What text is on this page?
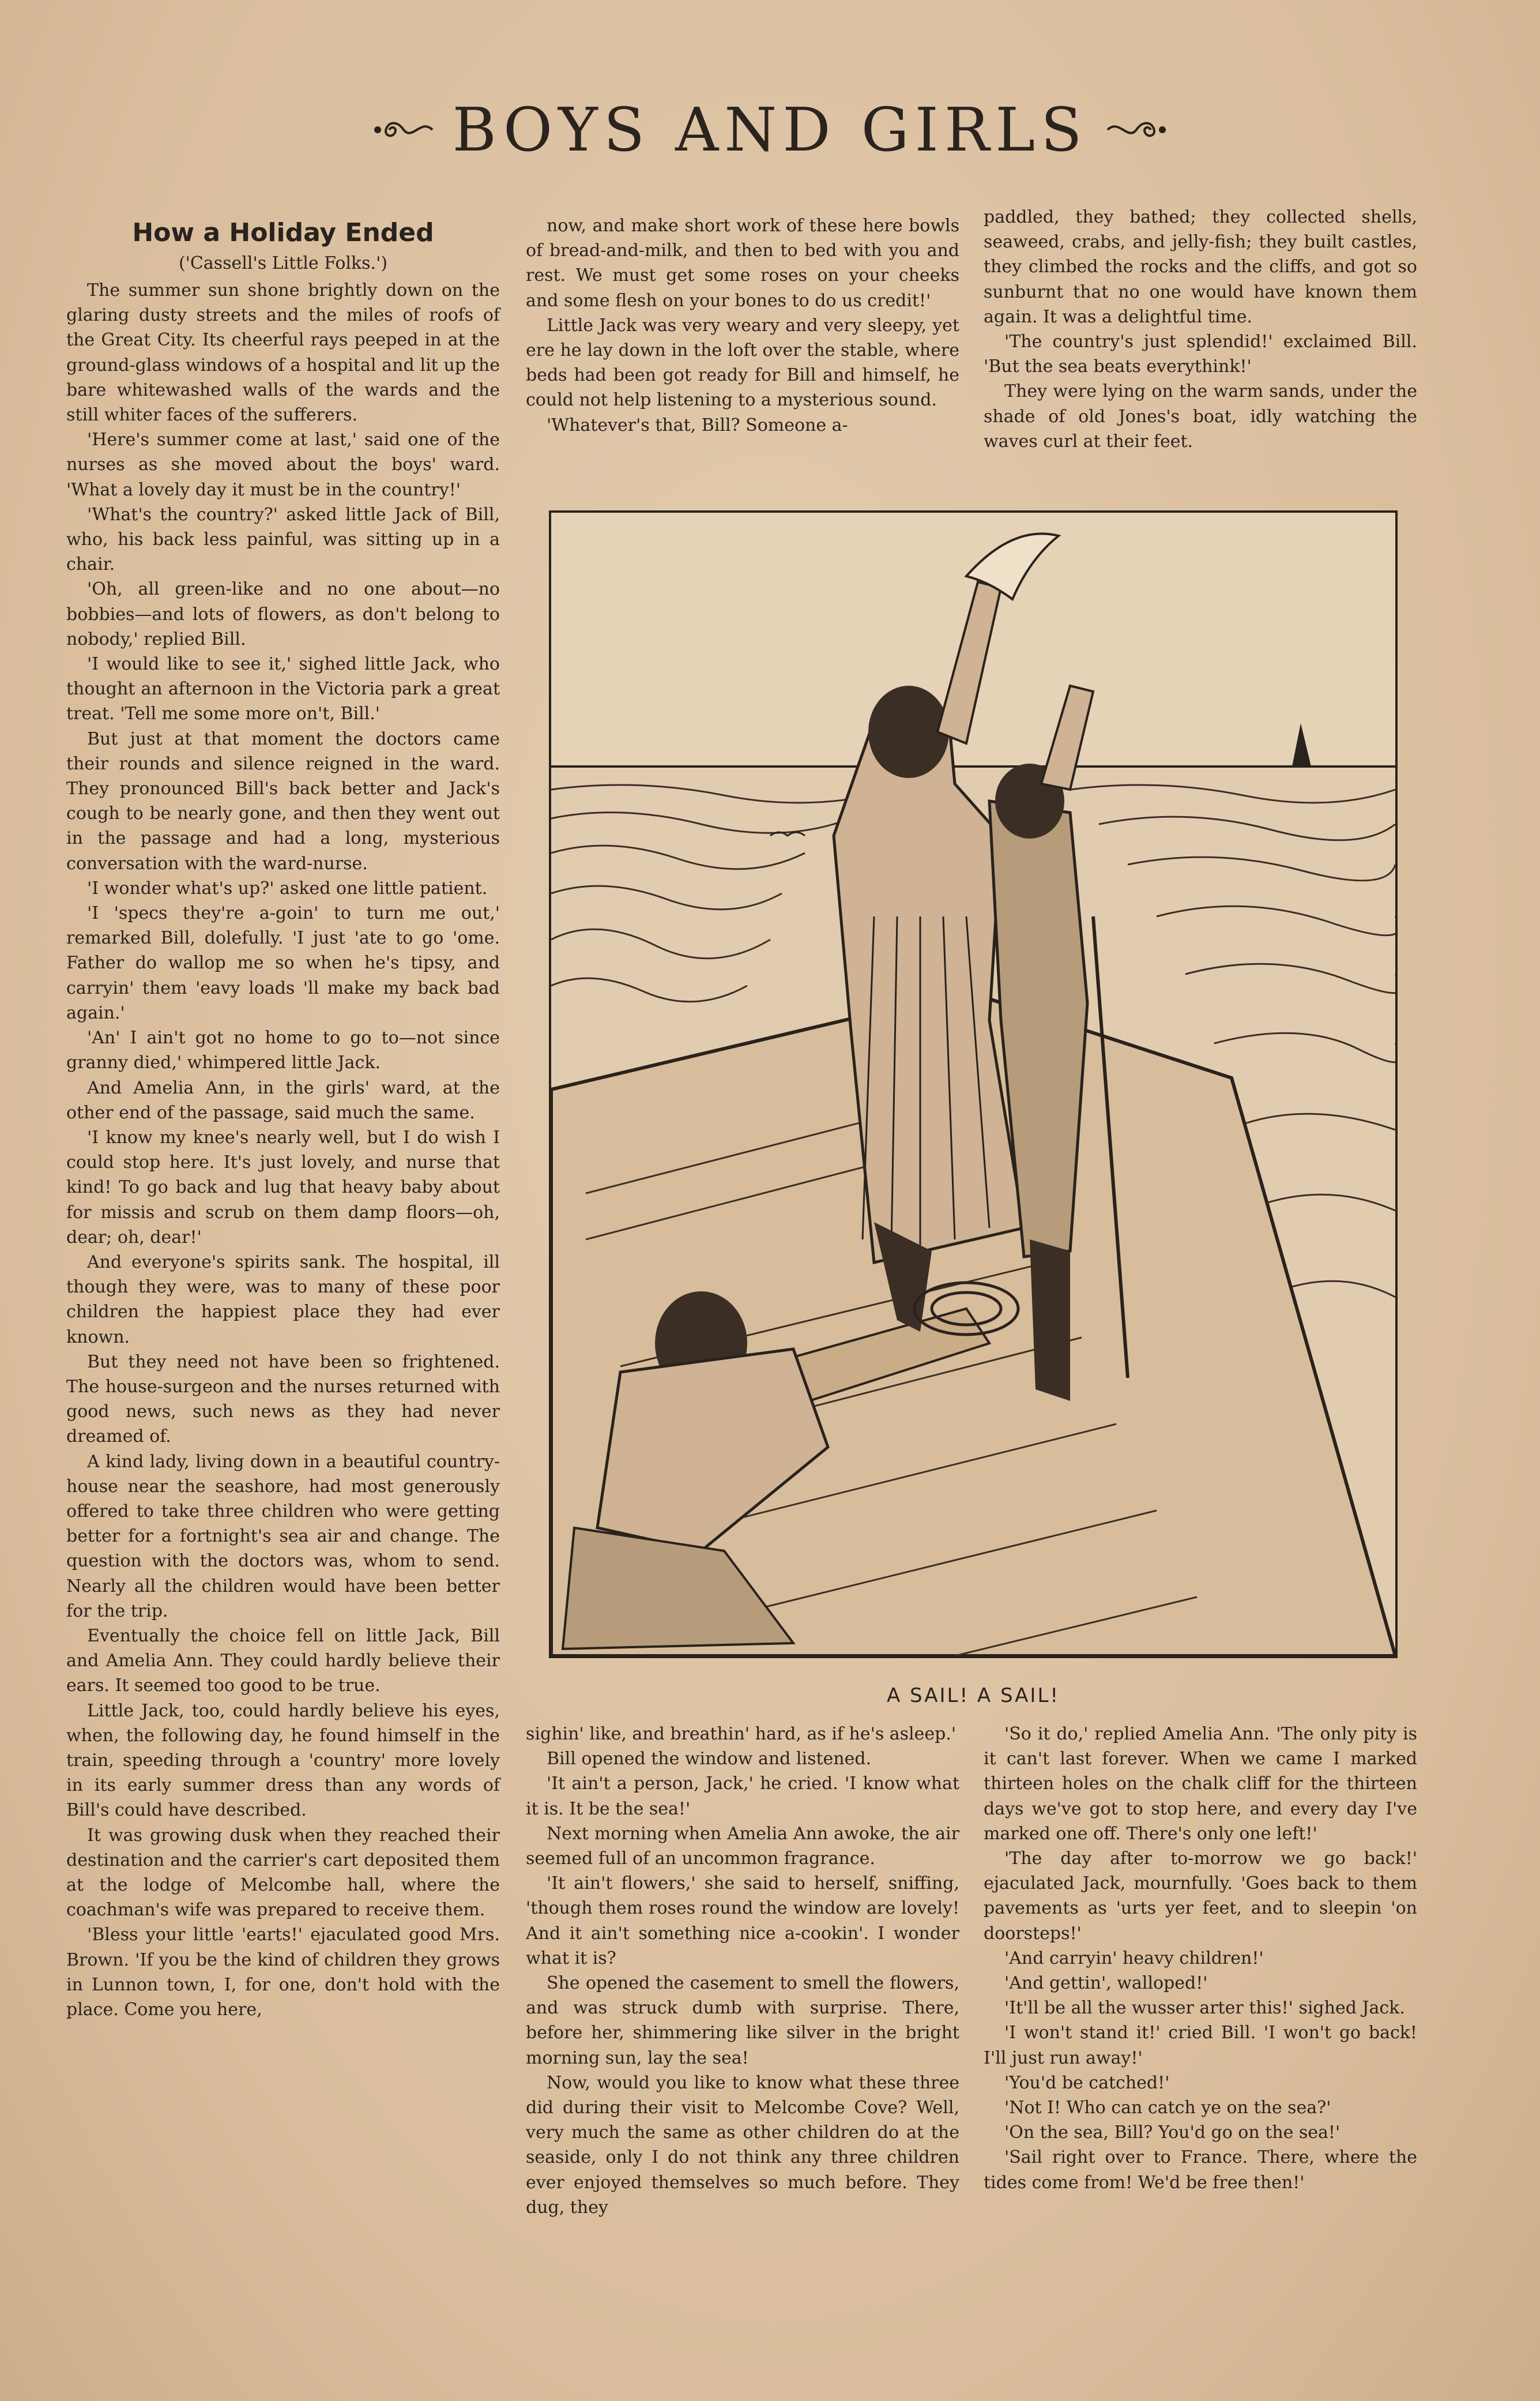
BOYS AND GIRLS
How a Holiday Ended
('Cassell's Little Folks.')

The summer sun shone brightly down on the glaring dusty streets and the miles of roofs of the Great City. Its cheerful rays peeped in at the ground-glass windows of a hospital and lit up the bare whitewashed walls of the wards and the still whiter faces of the sufferers.

'Here's summer come at last,' said one of the nurses as she moved about the boys' ward. 'What a lovely day it must be in the country!'

'What's the country?' asked little Jack of Bill, who, his back less painful, was sitting up in a chair.

'Oh, all green-like and no one about—no bobbies—and lots of flowers, as don't belong to nobody,' replied Bill.

'I would like to see it,' sighed little Jack, who thought an afternoon in the Victoria park a great treat. 'Tell me some more on't, Bill.'

But just at that moment the doctors came their rounds and silence reigned in the ward. They pronounced Bill's back better and Jack's cough to be nearly gone, and then they went out in the passage and had a long, mysterious conversation with the ward-nurse.

'I wonder what's up?' asked one little patient.

'I 'specs they're a-goin' to turn me out,' remarked Bill, dolefully. 'I just 'ate to go 'ome. Father do wallop me so when he's tipsy, and carryin' them 'eavy loads 'll make my back bad again.'

'An' I ain't got no home to go to—not since granny died,' whimpered little Jack.

And Amelia Ann, in the girls' ward, at the other end of the passage, said much the same.

'I know my knee's nearly well, but I do wish I could stop here. It's just lovely, and nurse that kind! To go back and lug that heavy baby about for missis and scrub on them damp floors—oh, dear; oh, dear!'

And everyone's spirits sank. The hospital, ill though they were, was to many of these poor children the happiest place they had ever known.

But they need not have been so frightened. The house-surgeon and the nurses returned with good news, such news as they had never dreamed of.

A kind lady, living down in a beautiful country-house near the seashore, had most generously offered to take three children who were getting better for a fortnight's sea air and change. The question with the doctors was, whom to send. Nearly all the children would have been better for the trip.

Eventually the choice fell on little Jack, Bill and Amelia Ann. They could hardly believe their ears. It seemed too good to be true.

Little Jack, too, could hardly believe his eyes, when, the following day, he found himself in the train, speeding through a 'country' more lovely in its early summer dress than any words of Bill's could have described.

It was growing dusk when they reached their destination and the carrier's cart deposited them at the lodge of Melcombe hall, where the coachman's wife was prepared to receive them.

'Bless your little 'earts!' ejaculated good Mrs. Brown. 'If you be the kind of children they grows in Lunnon town, I, for one, don't hold with the place. Come you here,

now, and make short work of these here bowls of bread-and-milk, and then to bed with you and rest. We must get some roses on your cheeks and some flesh on your bones to do us credit!'

Little Jack was very weary and very sleepy, yet ere he lay down in the loft over the stable, where beds had been got ready for Bill and himself, he could not help listening to a mysterious sound.

'Whatever's that, Bill? Someone a-

paddled, they bathed; they collected shells, seaweed, crabs, and jelly-fish; they built castles, they climbed the rocks and the cliffs, and got so sunburnt that no one would have known them again. It was a delightful time.

'The country's just splendid!' exclaimed Bill. 'But the sea beats everythink!'

They were lying on the warm sands, under the shade of old Jones's boat, idly watching the waves curl at their feet.

A SAIL! A SAIL!

sighin' like, and breathin' hard, as if he's asleep.'

Bill opened the window and listened.

'It ain't a person, Jack,' he cried. 'I know what it is. It be the sea!'

Next morning when Amelia Ann awoke, the air seemed full of an uncommon fragrance.

'It ain't flowers,' she said to herself, sniffing, 'though them roses round the window are lovely! And it ain't something nice a-cookin'. I wonder what it is?

She opened the casement to smell the flowers, and was struck dumb with surprise. There, before her, shimmering like silver in the bright morning sun, lay the sea!

Now, would you like to know what these three did during their visit to Melcombe Cove? Well, very much the same as other children do at the seaside, only I do not think any three children ever enjoyed themselves so much before. They dug, they

'So it do,' replied Amelia Ann. 'The only pity is it can't last forever. When we came I marked thirteen holes on the chalk cliff for the thirteen days we've got to stop here, and every day I've marked one off. There's only one left!'

'The day after to-morrow we go back!' ejaculated Jack, mournfully. 'Goes back to them pavements as 'urts yer feet, and to sleepin 'on doorsteps!'

'And carryin' heavy children!'

'And gettin', walloped!'

'It'll be all the wusser arter this!' sighed Jack.

'I won't stand it!' cried Bill. 'I won't go back! I'll just run away!'

'You'd be catched!'

'Not I! Who can catch ye on the sea?'

'On the sea, Bill? You'd go on the sea!'

'Sail right over to France. There, where the tides come from! We'd be free then!'
